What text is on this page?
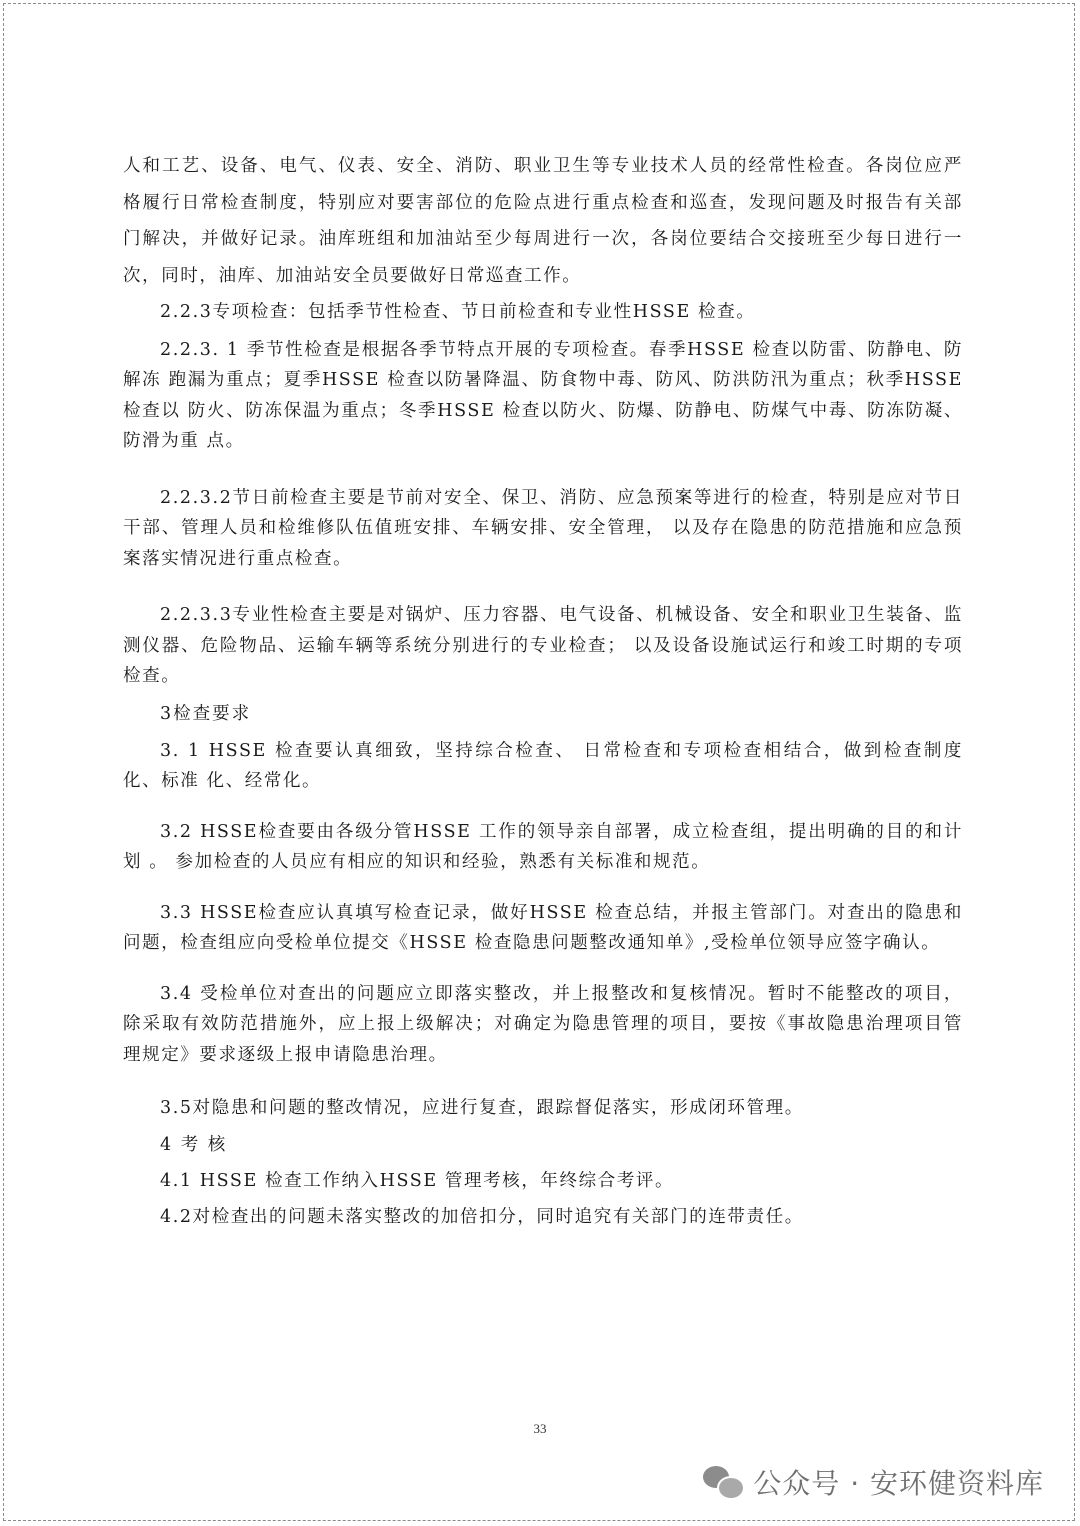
人和工艺、设备、电气、仪表、安全、消防、职业卫生等专业技术人员的经常性检查。各岗位应严格履行日常检查制度，特别应对要害部位的危险点进行重点检查和巡查，发现问题及时报告有关部门解决，并做好记录。油库班组和加油站至少每周进行一次，各岗位要结合交接班至少每日进行一次，同时，油库、加油站安全员要做好日常巡查工作。

2.2.3专项检查：包括季节性检查、节日前检查和专业性HSSE 检查。

2.2.3. 1 季节性检查是根据各季节特点开展的专项检查。春季HSSE 检查以防雷、防静电、防解冻 跑漏为重点；夏季HSSE 检查以防暑降温、防食物中毒、防风、防洪防汛为重点；秋季HSSE 检查以 防火、防冻保温为重点；冬季HSSE 检查以防火、防爆、防静电、防煤气中毒、防冻防凝、防滑为重 点。

2.2.3.2节日前检查主要是节前对安全、保卫、消防、应急预案等进行的检查，特别是应对节日干部、管理人员和检维修队伍值班安排、车辆安排、安全管理， 以及存在隐患的防范措施和应急预案落实情况进行重点检查。

2.2.3.3专业性检查主要是对锅炉、压力容器、电气设备、机械设备、安全和职业卫生装备、监测仪器、危险物品、运输车辆等系统分别进行的专业检查； 以及设备设施试运行和竣工时期的专项检查。

3检查要求

3. 1 HSSE 检查要认真细致，坚持综合检查、 日常检查和专项检查相结合，做到检查制度化、标准 化、经常化。

3.2 HSSE检查要由各级分管HSSE 工作的领导亲自部署，成立检查组，提出明确的目的和计划 。 参加检查的人员应有相应的知识和经验，熟悉有关标准和规范。

3.3 HSSE检查应认真填写检查记录，做好HSSE 检查总结，并报主管部门。对查出的隐患和问题，检查组应向受检单位提交《HSSE 检查隐患问题整改通知单》,受检单位领导应签字确认。

3.4 受检单位对查出的问题应立即落实整改，并上报整改和复核情况。暂时不能整改的项目，除采取有效防范措施外，应上报上级解决；对确定为隐患管理的项目，要按《事故隐患治理项目管理规定》要求逐级上报申请隐患治理。

3.5对隐患和问题的整改情况，应进行复查，跟踪督促落实，形成闭环管理。

4 考 核

4.1 HSSE 检查工作纳入HSSE 管理考核，年终综合考评。

4.2对检查出的问题未落实整改的加倍扣分，同时追究有关部门的连带责任。

33
公众号 · 安环健资料库
